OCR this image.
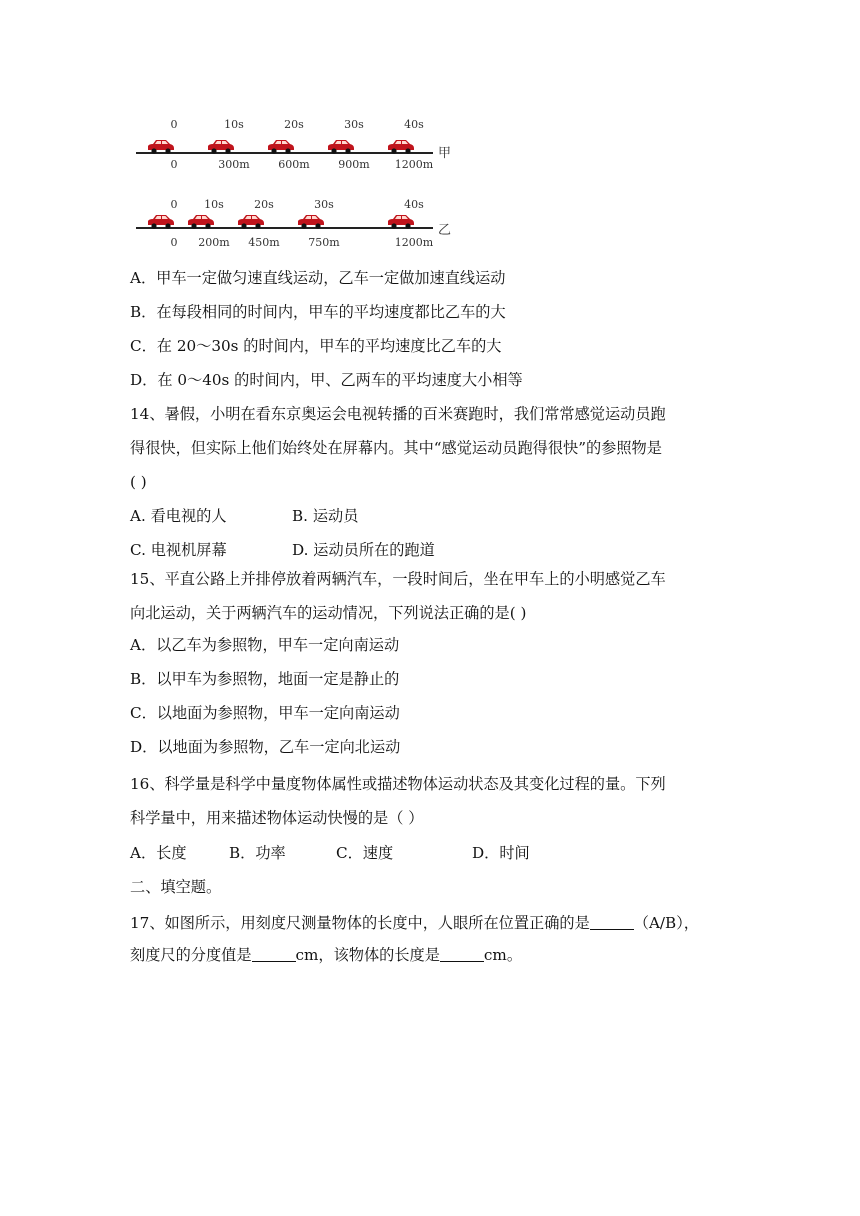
0
0
10s
300m
20s
600m
30s
900m
40s
1200m
甲
0
0
10s
200m
20s
450m
30s
750m
40s
1200m
乙
A．甲车一定做匀速直线运动，乙车一定做加速直线运动
B．在每段相同的时间内，甲车的平均速度都比乙车的大
C．在 20～30s 的时间内，甲车的平均速度比乙车的大
D．在 0～40s 的时间内，甲、乙两车的平均速度大小相等
14、暑假，小明在看东京奥运会电视转播的百米赛跑时，我们常常感觉运动员跑
得很快，但实际上他们始终处在屏幕内。其中“感觉运动员跑得很快”的参照物是
( )
A. 看电视的人	B. 运动员
C. 电视机屏幕	D. 运动员所在的跑道
15、平直公路上并排停放着两辆汽车，一段时间后，坐在甲车上的小明感觉乙车
向北运动，关于两辆汽车的运动情况，下列说法正确的是( )
A．以乙车为参照物，甲车一定向南运动
B．以甲车为参照物，地面一定是静止的
C．以地面为参照物，甲车一定向南运动
D．以地面为参照物，乙车一定向北运动
16、科学量是科学中量度物体属性或描述物体运动状态及其变化过程的量。下列
科学量中，用来描述物体运动快慢的是（ ）
A．长度	B．功率	C．速度	D．时间
二、填空题。
17、如图所示，用刻度尺测量物体的长度中，人眼所在位置正确的是	（A/B），
刻度尺的分度值是	cm，该物体的长度是	cm。
